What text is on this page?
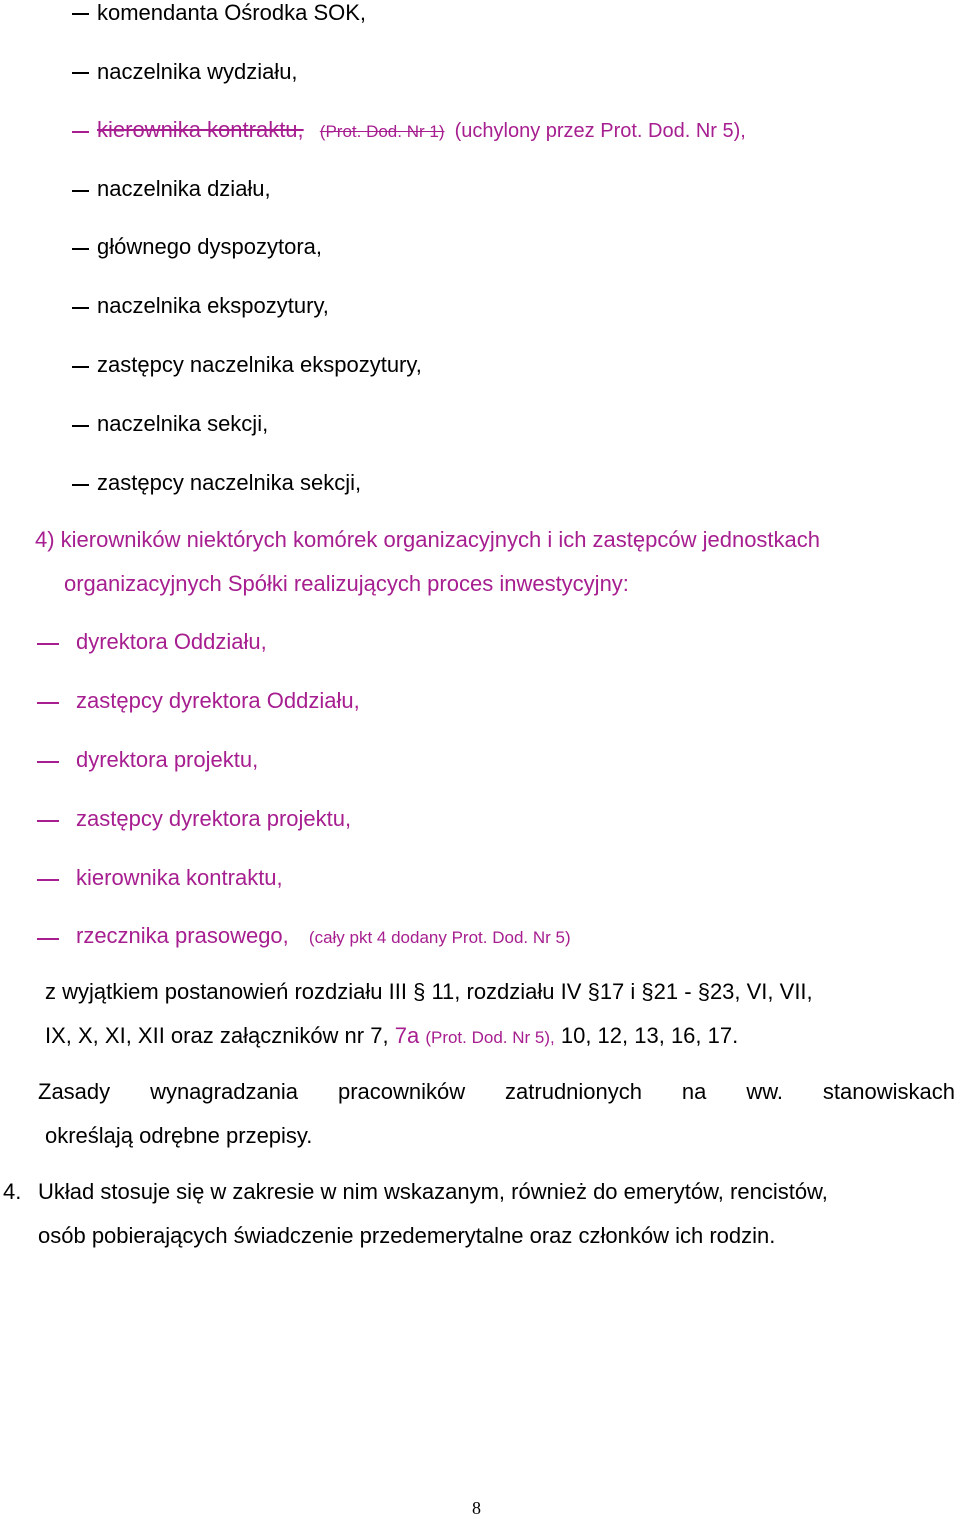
komendanta Ośrodka SOK,
naczelnika wydziału,
kierownika kontraktu, (Prot. Dod. Nr 1) (uchylony przez Prot. Dod. Nr 5),
naczelnika działu,
głównego dyspozytora,
naczelnika ekspozytury,
zastępcy naczelnika ekspozytury,
naczelnika sekcji,
zastępcy naczelnika sekcji,
4) kierowników niektórych komórek organizacyjnych i ich zastępców jednostkach
organizacyjnych Spółki realizujących proces inwestycyjny:
dyrektora Oddziału,
zastępcy dyrektora Oddziału,
dyrektora projektu,
zastępcy dyrektora projektu,
kierownika kontraktu,
rzecznika prasowego, (cały pkt 4 dodany Prot. Dod. Nr 5)
z wyjątkiem postanowień rozdziału III § 11, rozdziału IV §17 i §21 - §23, VI, VII,
IX, X, XI, XII oraz załączników nr 7, 7a (Prot. Dod. Nr 5), 10, 12, 13, 16, 17.
Zasady wynagradzania pracowników zatrudnionych na ww. stanowiskach
określają odrębne przepisy.
4. Układ stosuje się w zakresie w nim wskazanym, również do emerytów, rencistów,
osób pobierających świadczenie przedemerytalne oraz członków ich rodzin.
8
